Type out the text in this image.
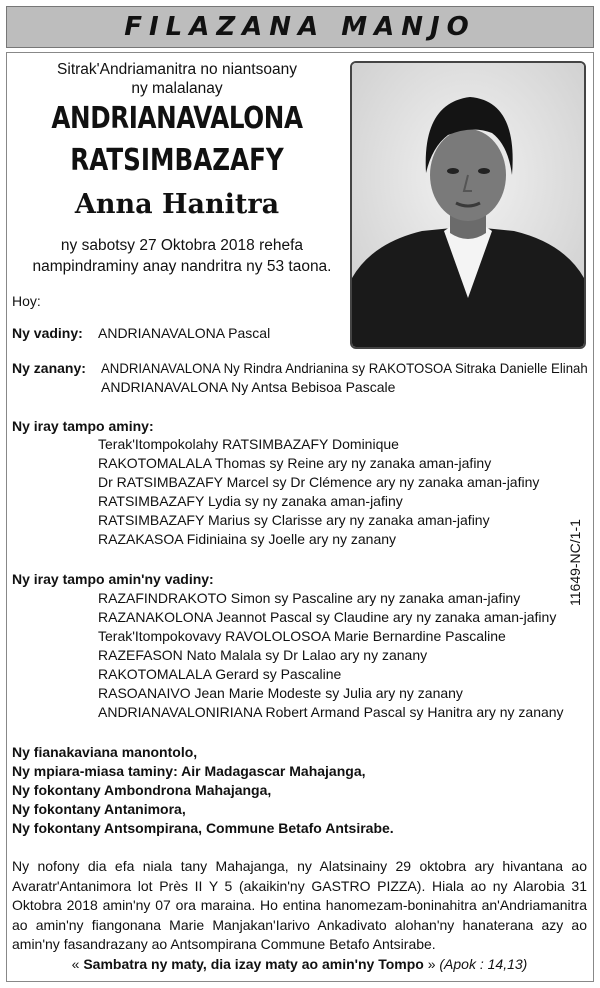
FILAZANA MANJO
Sitrak'Andriamanitra no niantsoany
ny malalanay
ANDRIANAVALONA
RATSIMBAZAFY
Anna Hanitra
ny sabotsy 27 Oktobra 2018 rehefa
nampindraminy anay nandritra ny 53 taona.
Hoy:
Ny vadiny: ANDRIANAVALONA Pascal
Ny zanany: ANDRIANAVALONA Ny Rindra Andrianina sy RAKOTOSOA Sitraka Danielle Elinah
ANDRIANAVALONA Ny Antsa Bebisoa Pascale
Ny iray tampo aminy:
Terak'Itompokolahy RATSIMBAZAFY Dominique
RAKOTOMALALA Thomas sy Reine ary ny zanaka aman-jafiny
Dr RATSIMBAZAFY Marcel sy Dr Clémence ary ny zanaka aman-jafiny
RATSIMBAZAFY Lydia sy ny zanaka aman-jafiny
RATSIMBAZAFY Marius sy Clarisse ary ny zanaka aman-jafiny
RAZAKASOA Fidiniaina sy Joelle ary ny zanany
Ny iray tampo amin'ny vadiny:
RAZAFINDRAKOTO Simon sy Pascaline ary ny zanaka aman-jafiny
RAZANAKOLONA Jeannot Pascal sy Claudine ary ny zanaka aman-jafiny
Terak'Itompokovavy RAVOLOLOSOA Marie Bernardine Pascaline
RAZEFASON Nato Malala sy Dr Lalao ary ny zanany
RAKOTOMALALA Gerard sy Pascaline
RASOANAIVO Jean Marie Modeste sy Julia ary ny zanany
ANDRIANAVALONIRIANA Robert Armand Pascal sy Hanitra ary ny zanany
Ny fianakaviana manontolo,
Ny mpiara-miasa taminy: Air Madagascar Mahajanga,
Ny fokontany Ambondrona Mahajanga,
Ny fokontany Antanimora,
Ny fokontany Antsompirana, Commune Betafo Antsirabe.
11649-NC/1-1
Ny nofony dia efa niala tany Mahajanga, ny Alatsinainy 29 oktobra ary hivantana ao Avaratr'Antanimora lot Près II Y 5 (akaikin'ny GASTRO PIZZA). Hiala ao ny Alarobia 31 Oktobra 2018 amin'ny 07 ora maraina. Ho entina hanomezam-boninahitra an'Andriamanitra ao amin'ny fiangonana Marie Manjakan'Iarivo Ankadivato alohan'ny hanaterana azy ao amin'ny fasandrazany ao Antsompirana Commune Betafo Antsirabe.
« Sambatra ny maty, dia izay maty ao amin'ny Tompo » (Apok : 14,13)
